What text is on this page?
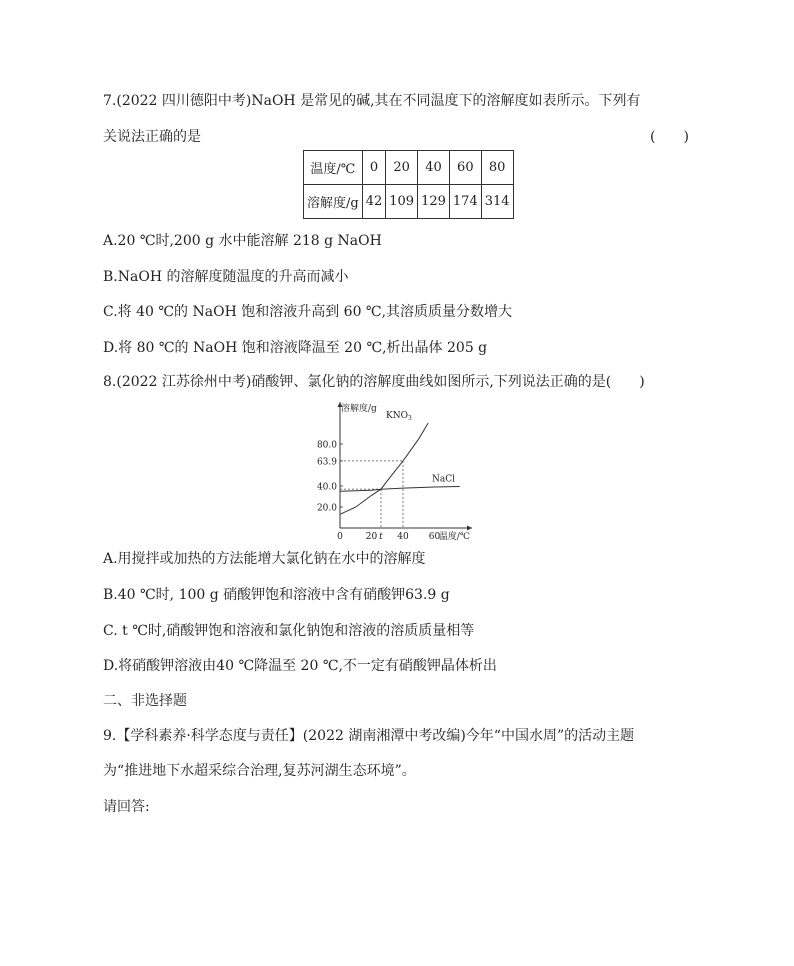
7.(2022 四川德阳中考)NaOH 是常见的碱,其在不同温度下的溶解度如表所示。下列有
关说法正确的是	(　　)
温度/℃	0	20	40	60	80
溶解度/g	42	109	129	174	314
A.20 ℃时,200 g 水中能溶解 218 g NaOH
B.NaOH 的溶解度随温度的升高而减小
C.将 40 ℃的 NaOH 饱和溶液升高到 60 ℃,其溶质质量分数增大
D.将 80 ℃的 NaOH 饱和溶液降温至 20 ℃,析出晶体 205 g
8.(2022 江苏徐州中考)硝酸钾、氯化钠的溶解度曲线如图所示,下列说法正确的是(　　)
20.0
40.0
63.9
80.0
0	20 t 40 60
溶解度/g
温度/℃
$KNO_3$
NaCl
A.用搅拌或加热的方法能增大氯化钠在水中的溶解度
B.40 ℃时, 100 g 硝酸钾饱和溶液中含有硝酸钾63.9 g
C. t ℃时,硝酸钾饱和溶液和氯化钠饱和溶液的溶质质量相等
D.将硝酸钾溶液由40 ℃降温至 20 ℃,不一定有硝酸钾晶体析出
二、非选择题
9.【学科素养·科学态度与责任】(2022 湖南湘潭中考改编)今年“中国水周”的活动主题
为“推进地下水超采综合治理,复苏河湖生态环境”。
请回答:
